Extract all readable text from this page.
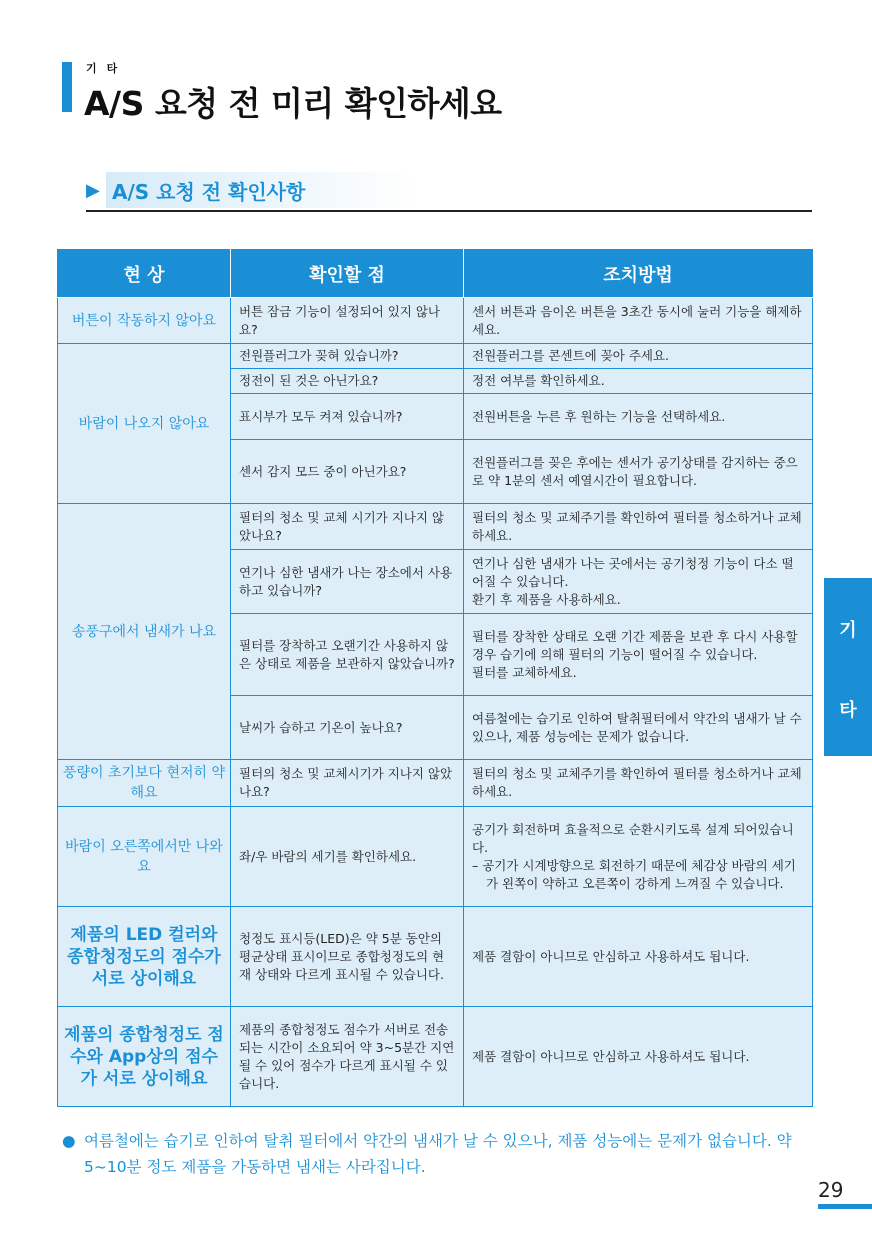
기타
A/S 요청 전 미리 확인하세요
▶ A/S 요청 전 확인사항
현 상	확인할 점	조치방법
버튼이 작동하지 않아요	버튼 잠금 기능이 설정되어 있지 않나요?	센서 버튼과 음이온 버튼을 3초간 동시에 눌러 기능을 해제하세요.

바람이 나오지 않아요	전원플러그가 꽂혀 있습니까?	전원플러그를 콘센트에 꽂아 주세요.

	정전이 된 것은 아닌가요?	정전 여부를 확인하세요.

	표시부가 모두 켜져 있습니까?	전원버튼을 누른 후 원하는 기능을 선택하세요.

	센서 감지 모드 중이 아닌가요?	전원플러그를 꽂은 후에는 센서가 공기상태를 감지하는 중으로 약 1분의 센서 예열시간이 필요합니다.

송풍구에서 냄새가 나요	필터의 청소 및 교체 시기가 지나지 않았나요?	필터의 청소 및 교체주기를 확인하여 필터를 청소하거나 교체하세요.

	연기나 심한 냄새가 나는 장소에서 사용하고 있습니까?	연기나 심한 냄새가 나는 곳에서는 공기청정 기능이 다소 떨어질 수 있습니다.
환기 후 제품을 사용하세요.

	필터를 장착하고 오랜기간 사용하지 않은 상태로 제품을 보관하지 않았습니까?	필터를 장착한 상태로 오랜 기간 제품을 보관 후 다시 사용할 경우 습기에 의해 필터의 기능이 떨어질 수 있습니다.
필터를 교체하세요.

	날씨가 습하고 기온이 높나요?	여름철에는 습기로 인하여 탈취필터에서 약간의 냄새가 날 수 있으나, 제품 성능에는 문제가 없습니다.

풍량이 초기보다 현저히 약해요	필터의 청소 및 교체시기가 지나지 않았나요?	필터의 청소 및 교체주기를 확인하여 필터를 청소하거나 교체하세요.

바람이 오른쪽에서만 나와요	좌/우 바람의 세기를 확인하세요.	공기가 회전하며 효율적으로 순환시키도록 설계 되어있습니다.
– 공기가 시계방향으로 회전하기 때문에 체감상 바람의 세기가 왼쪽이 약하고 오른쪽이 강하게 느껴질 수 있습니다.

제품의 LED 컬러와 종합청정도의 점수가 서로 상이해요	청정도 표시등(LED)은 약 5분 동안의 평균상태 표시이므로 종합청정도의 현재 상태와 다르게 표시될 수 있습니다.	제품 결함이 아니므로 안심하고 사용하셔도 됩니다.

제품의 종합청정도 점수와 App상의 점수가 서로 상이해요	제품의 종합청정도 점수가 서버로 전송되는 시간이 소요되어 약 3~5분간 지연될 수 있어 점수가 다르게 표시될 수 있습니다.	제품 결함이 아니므로 안심하고 사용하셔도 됩니다.
● 여름철에는 습기로 인하여 탈취 필터에서 약간의 냄새가 날 수 있으나, 제품 성능에는 문제가 없습니다. 약 5~10분 정도 제품을 가동하면 냄새는 사라집니다.
기
타
29
